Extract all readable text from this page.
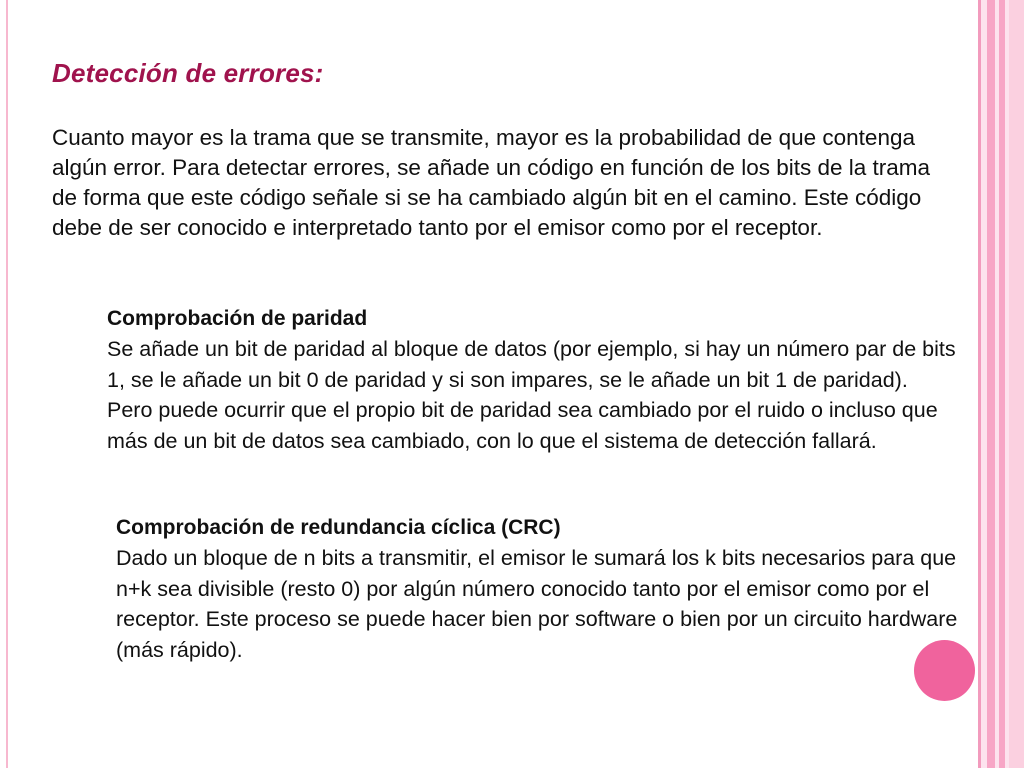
Detección de errores:

Cuanto mayor es la trama que se transmite, mayor es la probabilidad de que contenga algún error. Para detectar errores, se añade un código en función de los bits de la trama de forma que este código señale si se ha cambiado algún bit en el camino. Este código debe de ser conocido e interpretado tanto por el emisor como por el receptor.

Comprobación de paridad

Se añade un bit de paridad al bloque de datos (por ejemplo, si hay un número par de bits 1, se le añade un bit 0 de paridad y si son impares, se le añade un bit 1 de paridad). Pero puede ocurrir que el propio bit de paridad sea cambiado por el ruido o incluso que más de un bit de datos sea cambiado, con lo que el sistema de detección fallará.

Comprobación de redundancia cíclica (CRC)

Dado un bloque de n bits a transmitir, el emisor le sumará los k bits necesarios para que n+k sea divisible (resto 0) por algún número conocido tanto por el emisor como por el receptor. Este proceso se puede hacer bien por software o bien por un circuito hardware (más rápido).
